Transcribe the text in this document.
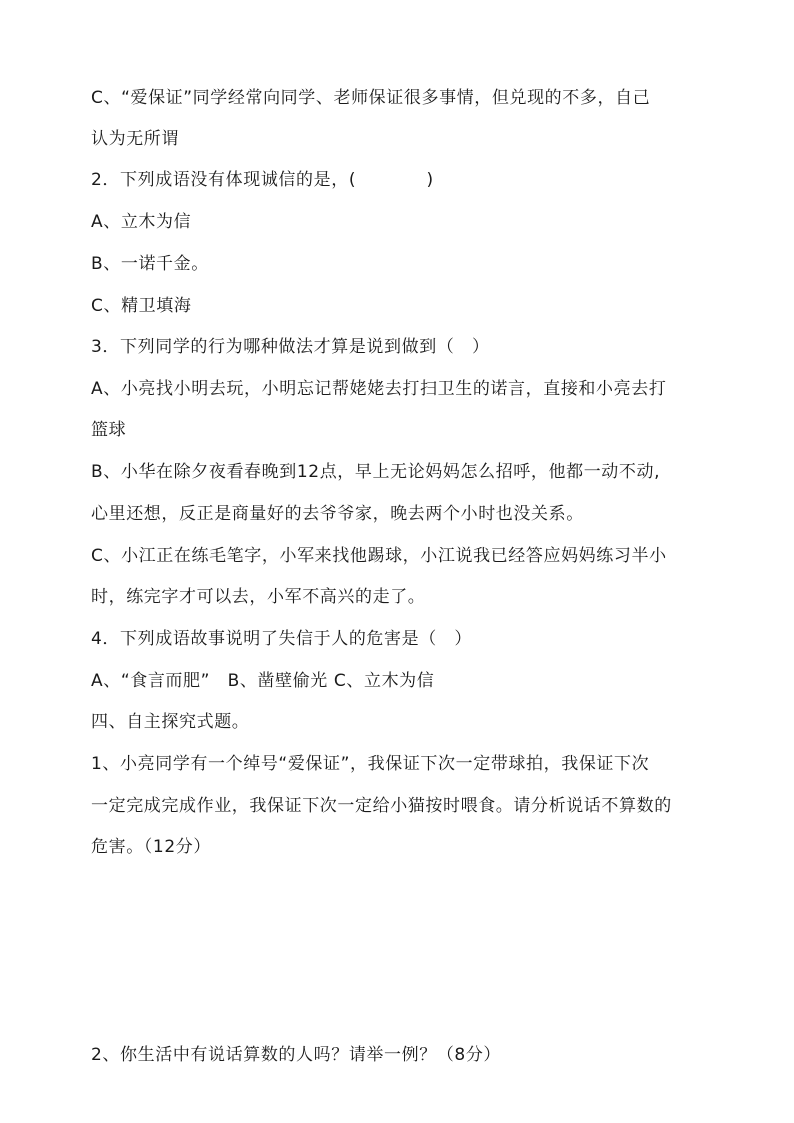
C、“爱保证”同学经常向同学、老师保证很多事情，但兑现的不多，自己
认为无所谓
2．下列成语没有体现诚信的是，(　　　　)
A、立木为信
B、一诺千金。
C、精卫填海
3．下列同学的行为哪种做法才算是说到做到（　）
A、小亮找小明去玩，小明忘记帮姥姥去打扫卫生的诺言，直接和小亮去打
篮球
B、小华在除夕夜看春晚到12点，早上无论妈妈怎么招呼，他都一动不动,
心里还想，反正是商量好的去爷爷家，晚去两个小时也没关系。
C、小江正在练毛笔字，小军来找他踢球，小江说我已经答应妈妈练习半小
时，练完字才可以去，小军不高兴的走了。
4．下列成语故事说明了失信于人的危害是（　）
A、“食言而肥”　B、凿壁偷光 C、立木为信
四、自主探究式题。
1、小亮同学有一个绰号“爱保证”，我保证下次一定带球拍，我保证下次
一定完成完成作业，我保证下次一定给小猫按时喂食。请分析说话不算数的
危害。（12分）
2、你生活中有说话算数的人吗？请举一例？（8分）
